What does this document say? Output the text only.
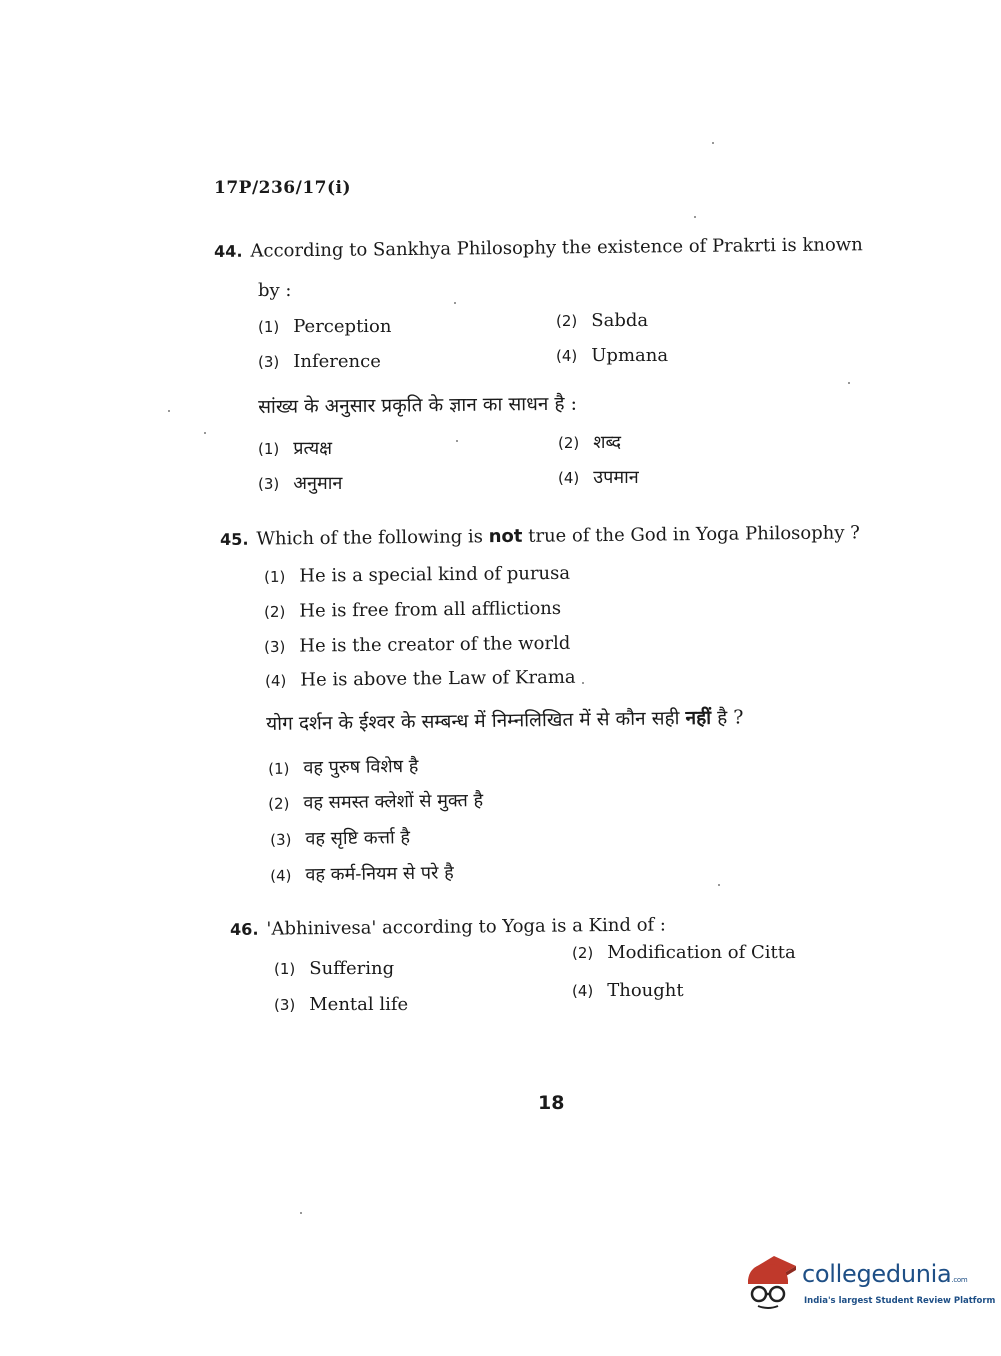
17P/236/17(i)
44. According to Sankhya Philosophy the existence of Prakrti is known
by :
(1) Perception	(2) Sabda
(3) Inference	(4) Upmana
सांख्य के अनुसार प्रकृति के ज्ञान का साधन है :
(1) प्रत्यक्ष	(2) शब्द
(3) अनुमान	(4) उपमान
45. Which of the following is not true of the God in Yoga Philosophy ?
(1) He is a special kind of purusa
(2) He is free from all afflictions
(3) He is the creator of the world
(4) He is above the Law of Krama
योग दर्शन के ईश्वर के सम्बन्ध में निम्नलिखित में से कौन सही नहीं है ?
(1) वह पुरुष विशेष है
(2) वह समस्त क्लेशों से मुक्त है
(3) वह सृष्टि कर्त्ता है
(4) वह कर्म-नियम से परे है
46. 'Abhinivesa' according to Yoga is a Kind of :
(1) Suffering
(2) Modification of Citta
(3) Mental life
(4) Thought
18
collegedunia.com
India's largest Student Review Platform
